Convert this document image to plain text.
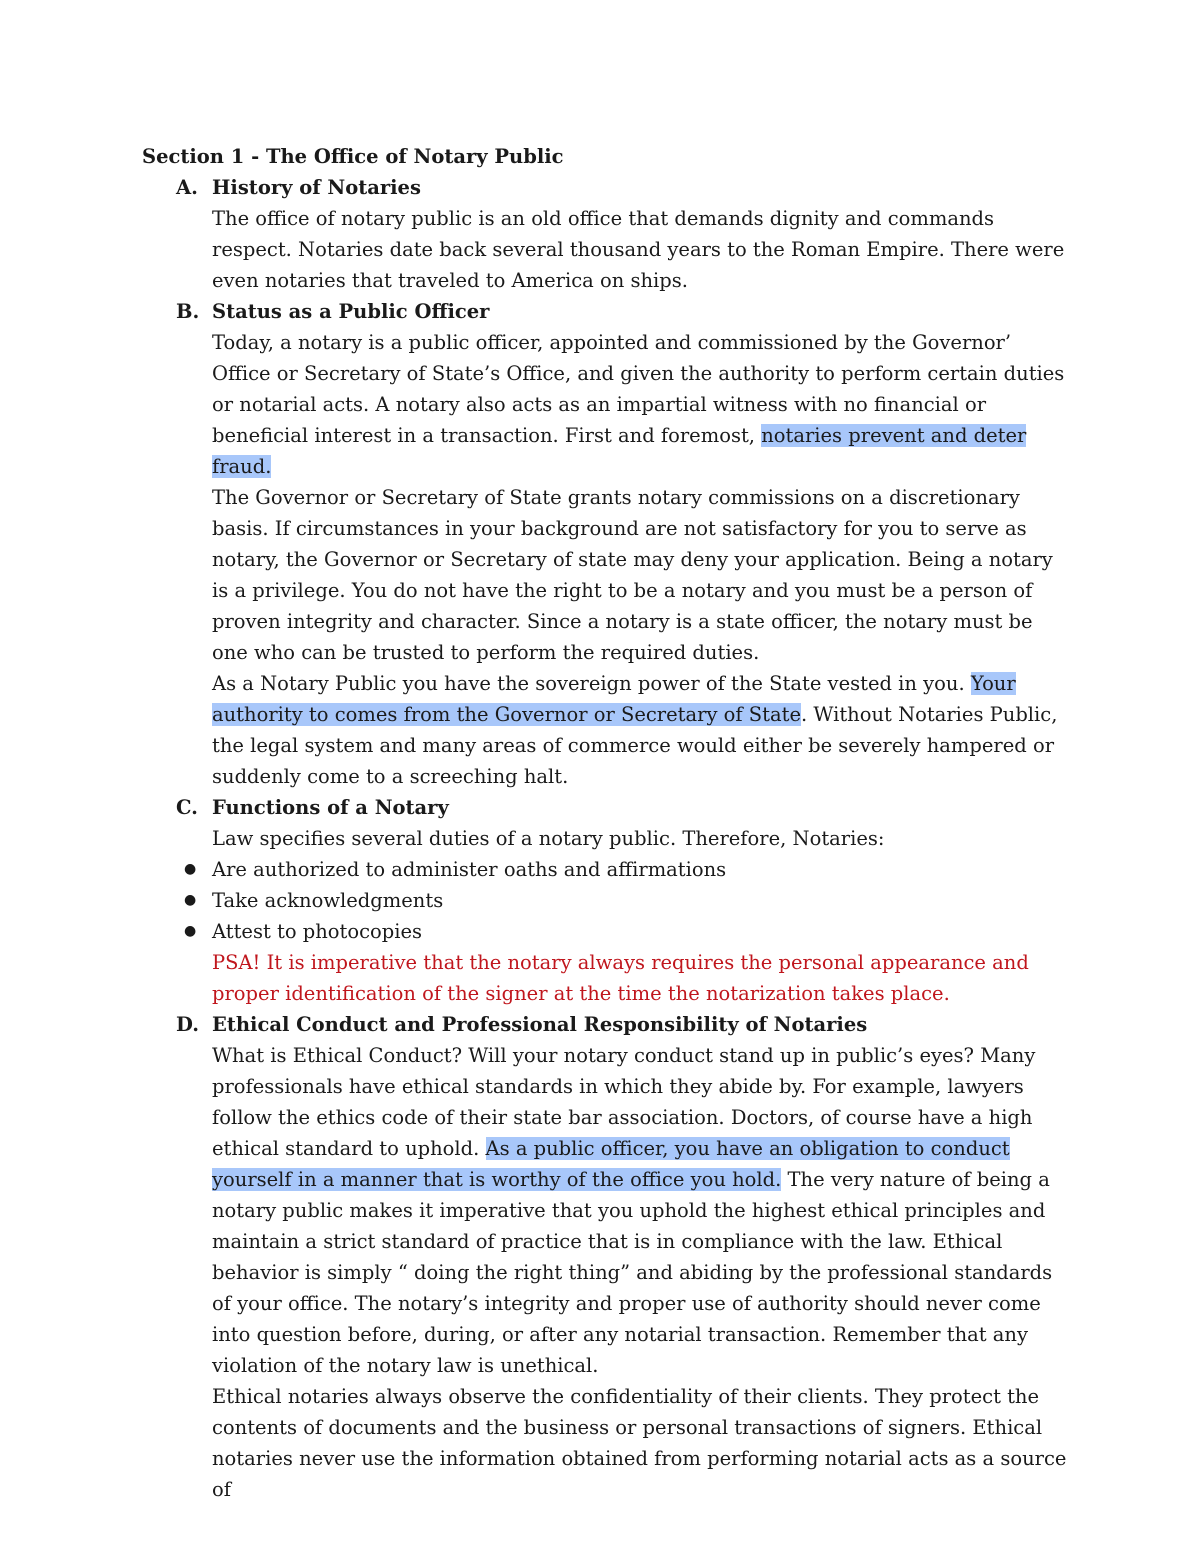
Section 1 - The Office of Notary Public

A. History of Notaries

The office of notary public is an old office that demands dignity and commands respect. Notaries date back several thousand years to the Roman Empire. There were even notaries that traveled to America on ships.

B. Status as a Public Officer

Today, a notary is a public officer, appointed and commissioned by the Governor’ Office or Secretary of State’s Office, and given the authority to perform certain duties or notarial acts. A notary also acts as an impartial witness with no financial or beneficial interest in a transaction. First and foremost, notaries prevent and deter fraud.

The Governor or Secretary of State grants notary commissions on a discretionary basis. If circumstances in your background are not satisfactory for you to serve as notary, the Governor or Secretary of state may deny your application. Being a notary is a privilege. You do not have the right to be a notary and you must be a person of proven integrity and character. Since a notary is a state officer, the notary must be one who can be trusted to perform the required duties.

As a Notary Public you have the sovereign power of the State vested in you. Your authority to comes from the Governor or Secretary of State. Without Notaries Public, the legal system and many areas of commerce would either be severely hampered or suddenly come to a screeching halt.

C. Functions of a Notary

Law specifies several duties of a notary public. Therefore, Notaries:

● Are authorized to administer oaths and affirmations
● Take acknowledgments
● Attest to photocopies

PSA! It is imperative that the notary always requires the personal appearance and proper identification of the signer at the time the notarization takes place.

D. Ethical Conduct and Professional Responsibility of Notaries

What is Ethical Conduct? Will your notary conduct stand up in public’s eyes? Many professionals have ethical standards in which they abide by. For example, lawyers follow the ethics code of their state bar association. Doctors, of course have a high ethical standard to uphold. As a public officer, you have an obligation to conduct yourself in a manner that is worthy of the office you hold. The very nature of being a notary public makes it imperative that you uphold the highest ethical principles and maintain a strict standard of practice that is in compliance with the law. Ethical behavior is simply “ doing the right thing” and abiding by the professional standards of your office. The notary’s integrity and proper use of authority should never come into question before, during, or after any notarial transaction. Remember that any violation of the notary law is unethical.

Ethical notaries always observe the confidentiality of their clients. They protect the contents of documents and the business or personal transactions of signers. Ethical notaries never use the information obtained from performing notarial acts as a source of
